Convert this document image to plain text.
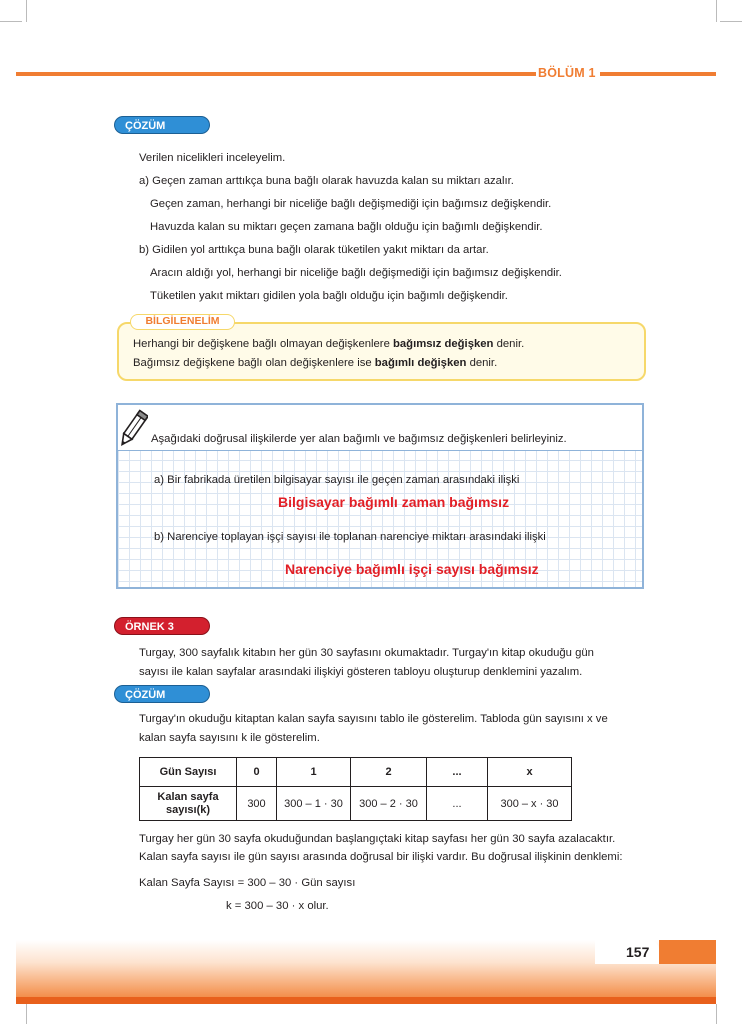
BÖLÜM 1
ÇÖZÜM
Verilen nicelikleri inceleyelim.
a) Geçen zaman arttıkça buna bağlı olarak havuzda kalan su miktarı azalır.
Geçen zaman, herhangi bir niceliğe bağlı değişmediği için bağımsız değişkendir.
Havuzda kalan su miktarı geçen zamana bağlı olduğu için bağımlı değişkendir.
b) Gidilen yol arttıkça buna bağlı olarak tüketilen yakıt miktarı da artar.
Aracın aldığı yol, herhangi bir niceliğe bağlı değişmediği için bağımsız değişkendir.
Tüketilen yakıt miktarı gidilen yola bağlı olduğu için bağımlı değişkendir.
BİLGİLENELİM
Herhangi bir değişkene bağlı olmayan değişkenlere bağımsız değişken denir.
Bağımsız değişkene bağlı olan değişkenlere ise bağımlı değişken denir.
Aşağıdaki doğrusal ilişkilerde yer alan bağımlı ve bağımsız değişkenleri belirleyiniz.
a) Bir fabrikada üretilen bilgisayar sayısı ile geçen zaman arasındaki ilişki
Bilgisayar bağımlı zaman bağımsız
b) Narenciye toplayan işçi sayısı ile toplanan narenciye miktarı arasındaki ilişki
Narenciye bağımlı işçi sayısı bağımsız
ÖRNEK 3
Turgay, 300 sayfalık kitabın her gün 30 sayfasını okumaktadır. Turgay'ın kitap okuduğu gün
sayısı ile kalan sayfalar arasındaki ilişkiyi gösteren tabloyu oluşturup denklemini yazalım.
ÇÖZÜM
Turgay'ın okuduğu kitaptan kalan sayfa sayısını tablo ile gösterelim. Tabloda gün sayısını x ve
kalan sayfa sayısını k ile gösterelim.
Gün Sayısı	0	1	2	...	x
Kalan sayfa
sayısı(k)	300	300 – 1 · 30	300 – 2 · 30	...	300 – x · 30
Turgay her gün 30 sayfa okuduğundan başlangıçtaki kitap sayfası her gün 30 sayfa azalacaktır.
Kalan sayfa sayısı ile gün sayısı arasında doğrusal bir ilişki vardır. Bu doğrusal ilişkinin denklemi:
Kalan Sayfa Sayısı = 300 – 30 · Gün sayısı
k = 300 – 30 · x olur.
157
